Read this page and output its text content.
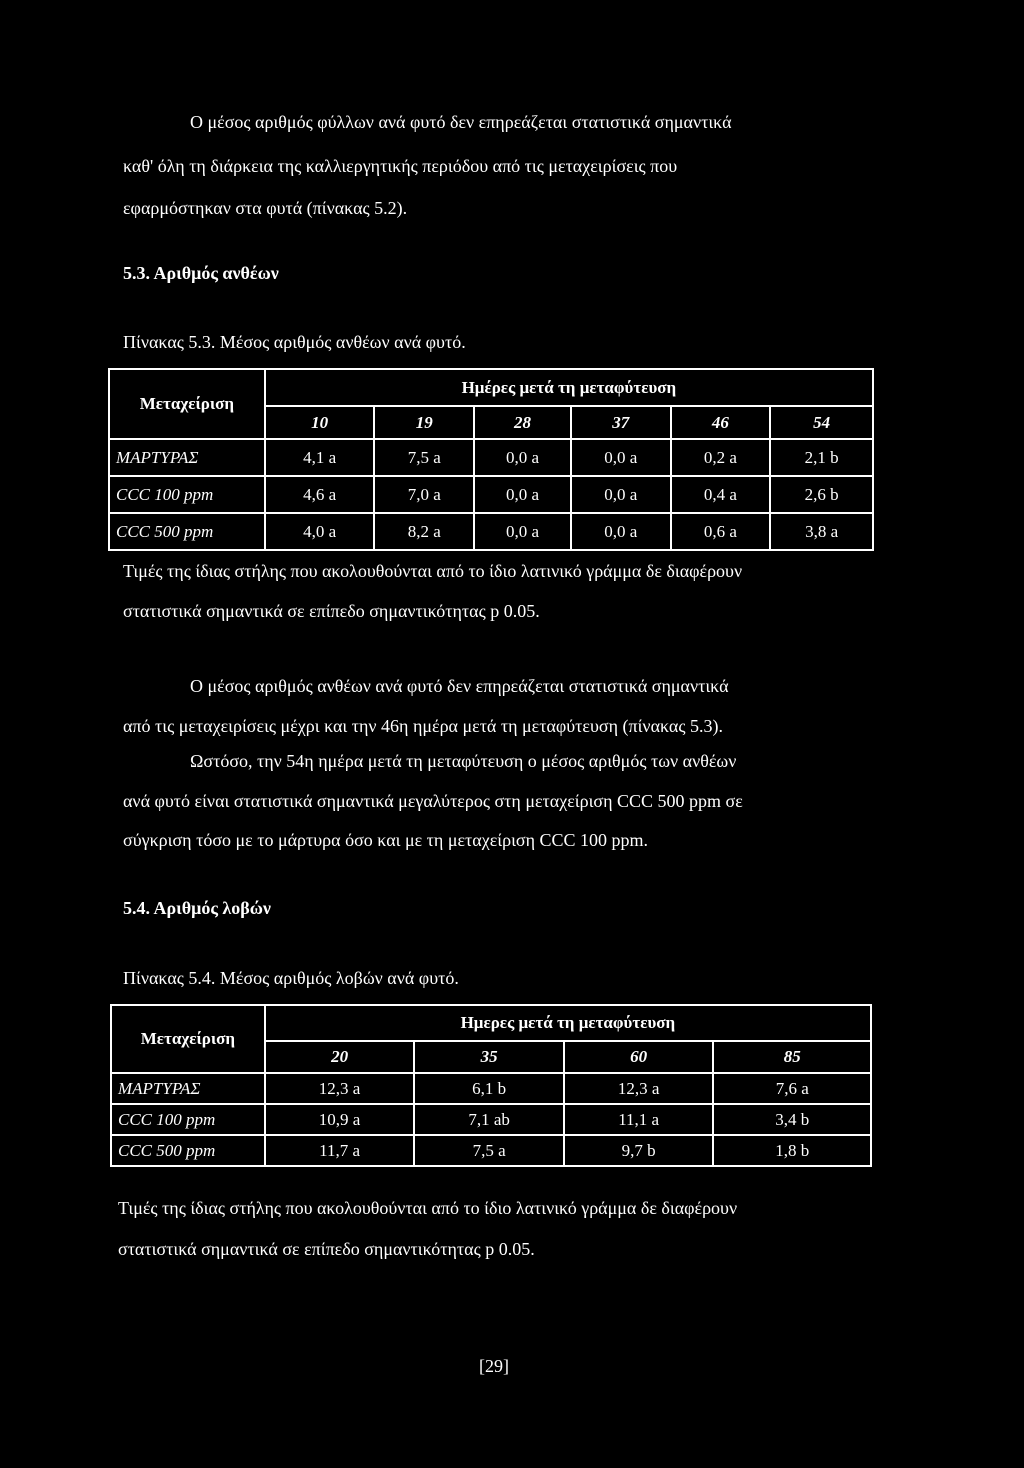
Ο μέσος αριθμός φύλλων ανά φυτό δεν επηρεάζεται στατιστικά σημαντικά
καθ' όλη τη διάρκεια της καλλιεργητικής περιόδου από τις μεταχειρίσεις που
εφαρμόστηκαν στα φυτά (πίνακας 5.2).
5.3. Αριθμός ανθέων
Πίνακας 5.3. Μέσος αριθμός ανθέων ανά φυτό.
Μεταχείριση	Ημέρες μετά τη μεταφύτευση					
	10	19	28	37	46	54
ΜΑΡΤΥΡΑΣ	4,1 a	7,5 a	0,0 a	0,0 a	0,2 a	2,1 b
CCC 100 ppm	4,6 a	7,0 a	0,0 a	0,0 a	0,4 a	2,6 b
CCC 500 ppm	4,0 a	8,2 a	0,0 a	0,0 a	0,6 a	3,8 a
Τιμές της ίδιας στήλης που ακολουθούνται από το ίδιο λατινικό γράμμα δε διαφέρουν
στατιστικά σημαντικά σε επίπεδο σημαντικότητας p 0.05.
Ο μέσος αριθμός ανθέων ανά φυτό δεν επηρεάζεται στατιστικά σημαντικά
από τις μεταχειρίσεις μέχρι και την 46η ημέρα μετά τη μεταφύτευση (πίνακας 5.3).
Ωστόσο, την 54η ημέρα μετά τη μεταφύτευση ο μέσος αριθμός των ανθέων
ανά φυτό είναι στατιστικά σημαντικά μεγαλύτερος στη μεταχείριση CCC 500 ppm σε
σύγκριση τόσο με το μάρτυρα όσο και με τη μεταχείριση CCC 100 ppm.
5.4. Αριθμός λοβών
Πίνακας 5.4. Μέσος αριθμός λοβών ανά φυτό.
Μεταχείριση	Ημερες μετά τη μεταφύτευση			
	20	35	60	85
ΜΑΡΤΥΡΑΣ	12,3 a	6,1 b	12,3 a	7,6 a
CCC 100 ppm	10,9 a	7,1 ab	11,1 a	3,4 b
CCC 500 ppm	11,7 a	7,5 a	9,7 b	1,8 b
Τιμές της ίδιας στήλης που ακολουθούνται από το ίδιο λατινικό γράμμα δε διαφέρουν
στατιστικά σημαντικά σε επίπεδο σημαντικότητας p 0.05.
[29]
